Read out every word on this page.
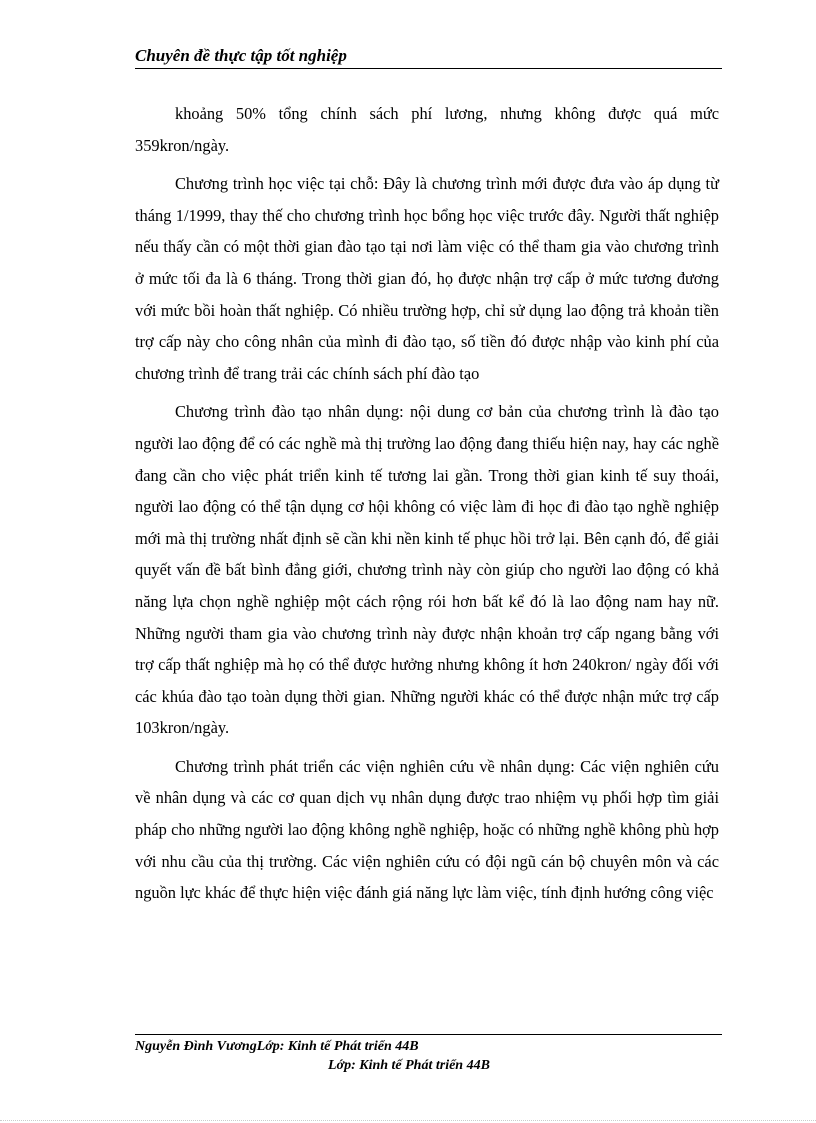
Chuyên đề thực tập tốt nghiệp

khoảng 50% tổng chính sách phí lương, nhưng không được quá mức 359kron/ngày.

Chương trình học việc tại chỗ: Đây là chương trình mới được đưa vào áp dụng từ tháng 1/1999, thay thế cho chương trình học bổng học việc trước đây. Người thất nghiệp nếu thấy cần có một thời gian đào tạo tại nơi làm việc có thể tham gia vào chương trình ở mức tối đa là 6 tháng. Trong thời gian đó, họ được nhận trợ cấp ở mức tương đương với mức bồi hoàn thất nghiệp. Có nhiều trường hợp, chỉ sử dụng lao động trả khoản tiền trợ cấp này cho công nhân của mình đi đào tạo, số tiền đó được nhập vào kinh phí của chương trình để trang trải các chính sách phí đào tạo

Chương trình đào tạo nhân dụng: nội dung cơ bản của chương trình là đào tạo người lao động để có các nghề mà thị trường lao động đang thiếu hiện nay, hay các nghề đang cần cho việc phát triển kinh tế tương lai gần. Trong thời gian kinh tế suy thoái, người lao động có thể tận dụng cơ hội không có việc làm đi học đi đào tạo nghề nghiệp mới mà thị trường nhất định sẽ cần khi nền kinh tế phục hồi trở lại. Bên cạnh đó, để giải quyết vấn đề bất bình đẳng giới, chương trình này còn giúp cho người lao động có khả năng lựa chọn nghề nghiệp một cách rộng rói hơn bất kể đó là lao động nam hay nữ. Những người tham gia vào chương trình này được nhận khoản trợ cấp ngang bằng với trợ cấp thất nghiệp mà họ có thể được hưởng nhưng không ít hơn 240kron/ ngày đối với các khúa đào tạo toàn dụng thời gian. Những người khác có thể được nhận mức trợ cấp 103kron/ngày.

Chương trình phát triển các viện nghiên cứu về nhân dụng: Các viện nghiên cứu về nhân dụng và các cơ quan dịch vụ nhân dụng được trao nhiệm vụ phối hợp tìm giải pháp cho những người lao động không nghề nghiệp, hoặc có những nghề không phù hợp với nhu cầu của thị trường. Các viện nghiên cứu có đội ngũ cán bộ chuyên môn và các nguồn lực khác để thực hiện việc đánh giá năng lực làm việc, tính định hướng công việc

Nguyễn Đình VươngLớp: Kinh tế Phát triển 44B

Lớp: Kinh tế Phát triển 44B
